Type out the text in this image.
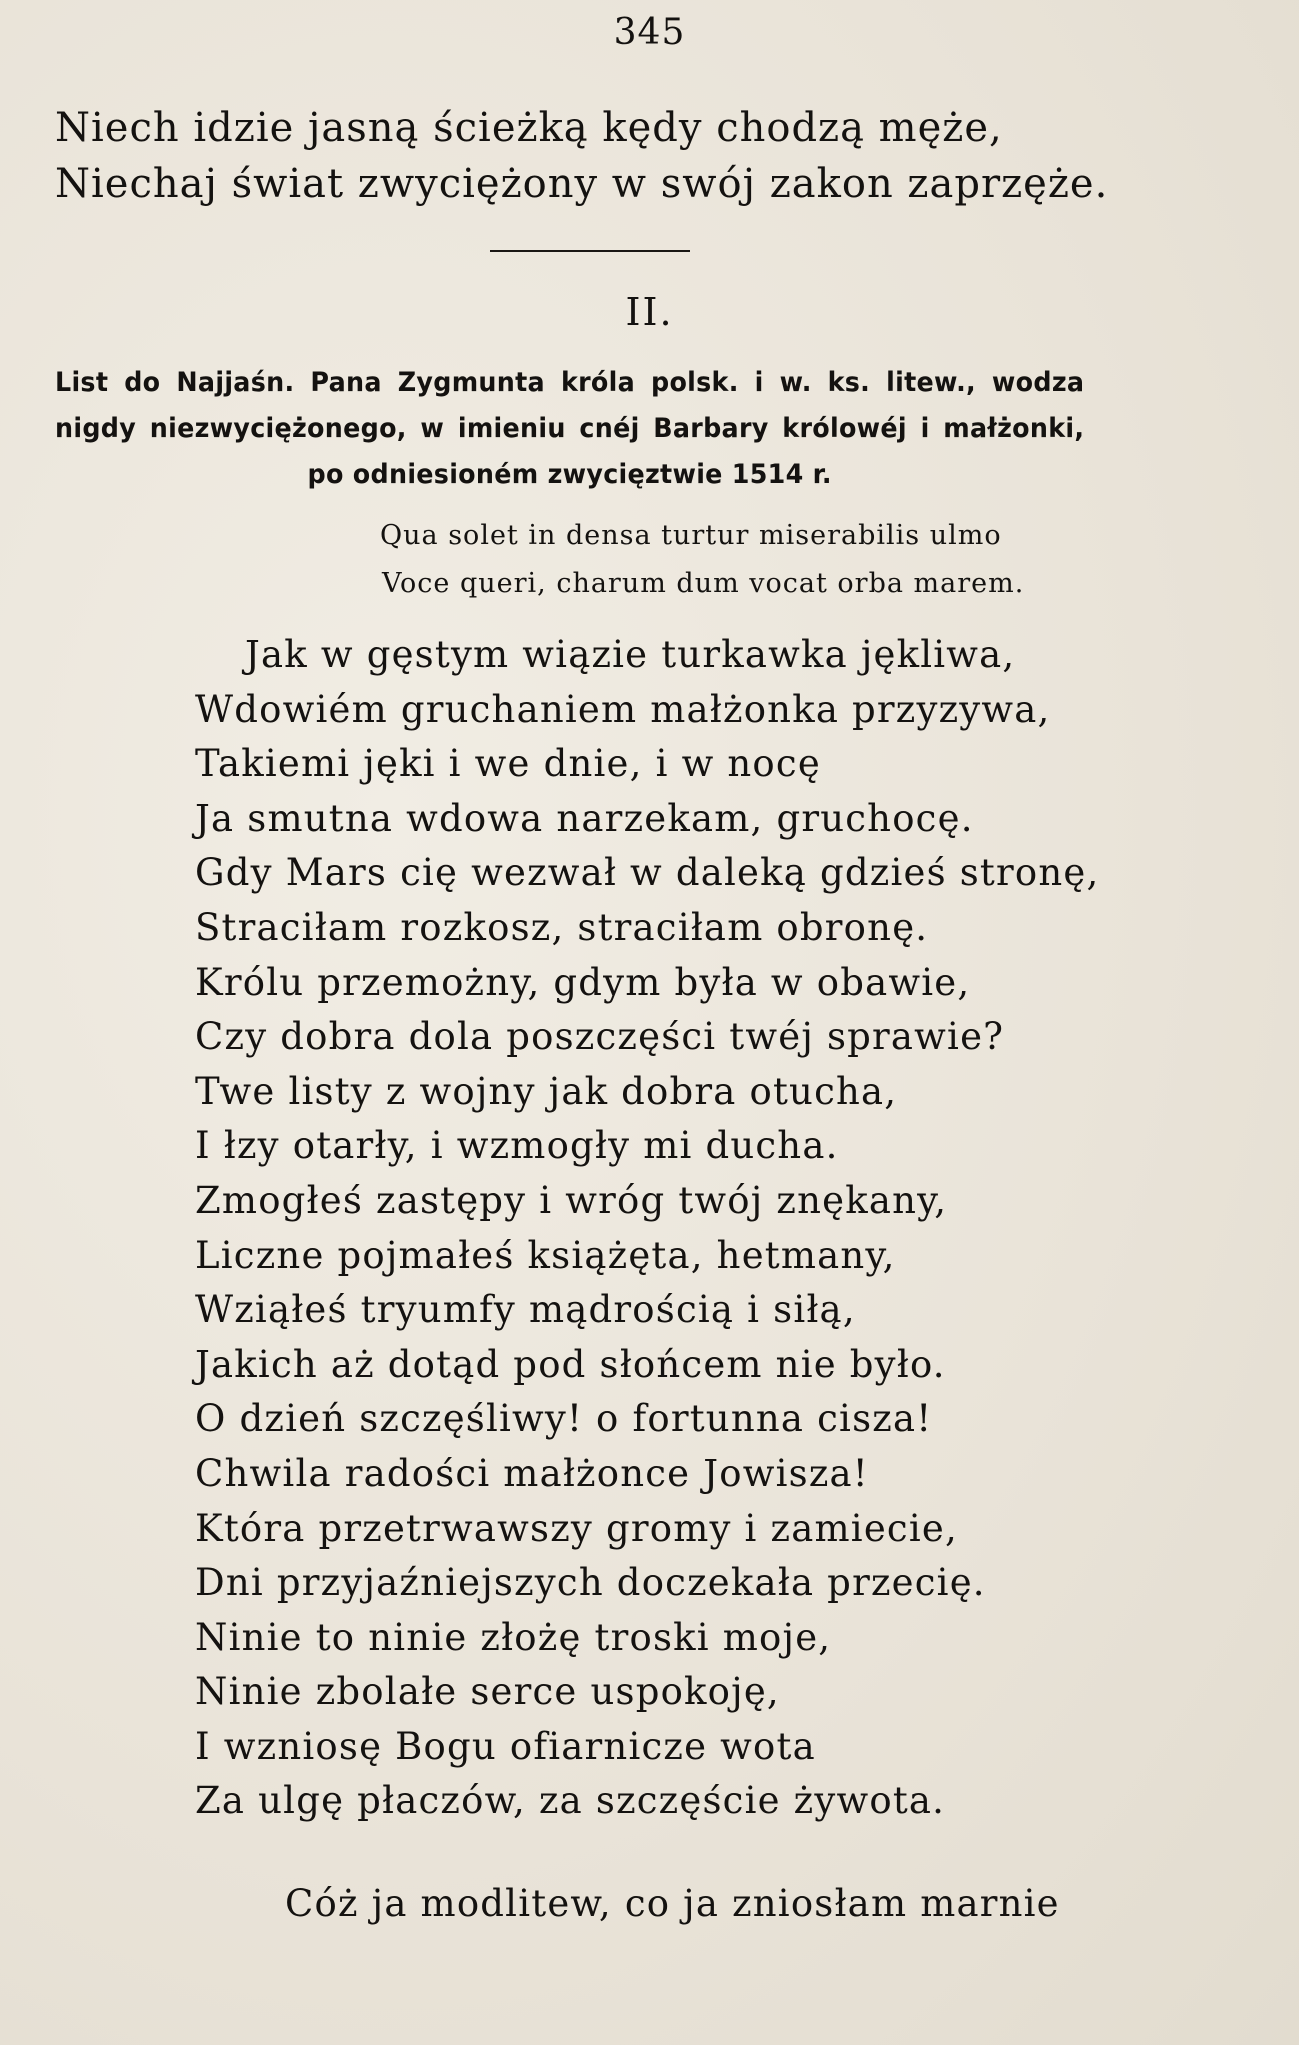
345
Niech idzie jasną ścieżką kędy chodzą męże,
Niechaj świat zwyciężony w swój zakon zaprzęże.
II.
List do Najjaśn. Pana Zygmunta króla polsk. i w. ks. litew., wodza nigdy niezwyciężonego, w imieniu cnéj Barbary królowéj i małżonki, po odniesioném zwycięztwie 1514 r.
Qua solet in densa turtur miserabilis ulmo
Voce queri, charum dum vocat orba marem.
Jak w gęstym wiązie turkawka jękliwa,
Wdowiém gruchaniem małżonka przyzywa,
Takiemi jęki i we dnie, i w nocę
Ja smutna wdowa narzekam, gruchocę.
Gdy Mars cię wezwał w daleką gdzieś stronę,
Straciłam rozkosz, straciłam obronę.
Królu przemożny, gdym była w obawie,
Czy dobra dola poszczęści twéj sprawie?
Twe listy z wojny jak dobra otucha,
I łzy otarły, i wzmogły mi ducha.
Zmogłeś zastępy i wróg twój znękany,
Liczne pojmałeś książęta, hetmany,
Wziąłeś tryumfy mądrością i siłą,
Jakich aż dotąd pod słońcem nie było.
O dzień szczęśliwy! o fortunna cisza!
Chwila radości małżonce Jowisza!
Która przetrwawszy gromy i zamiecie,
Dni przyjaźniejszych doczekała przecię.
Ninie to ninie złożę troski moje,
Ninie zbolałe serce uspokoję,
I wzniosę Bogu ofiarnicze wota
Za ulgę płaczów, za szczęście żywota.
Cóż ja modlitew, co ja zniosłam marnie
